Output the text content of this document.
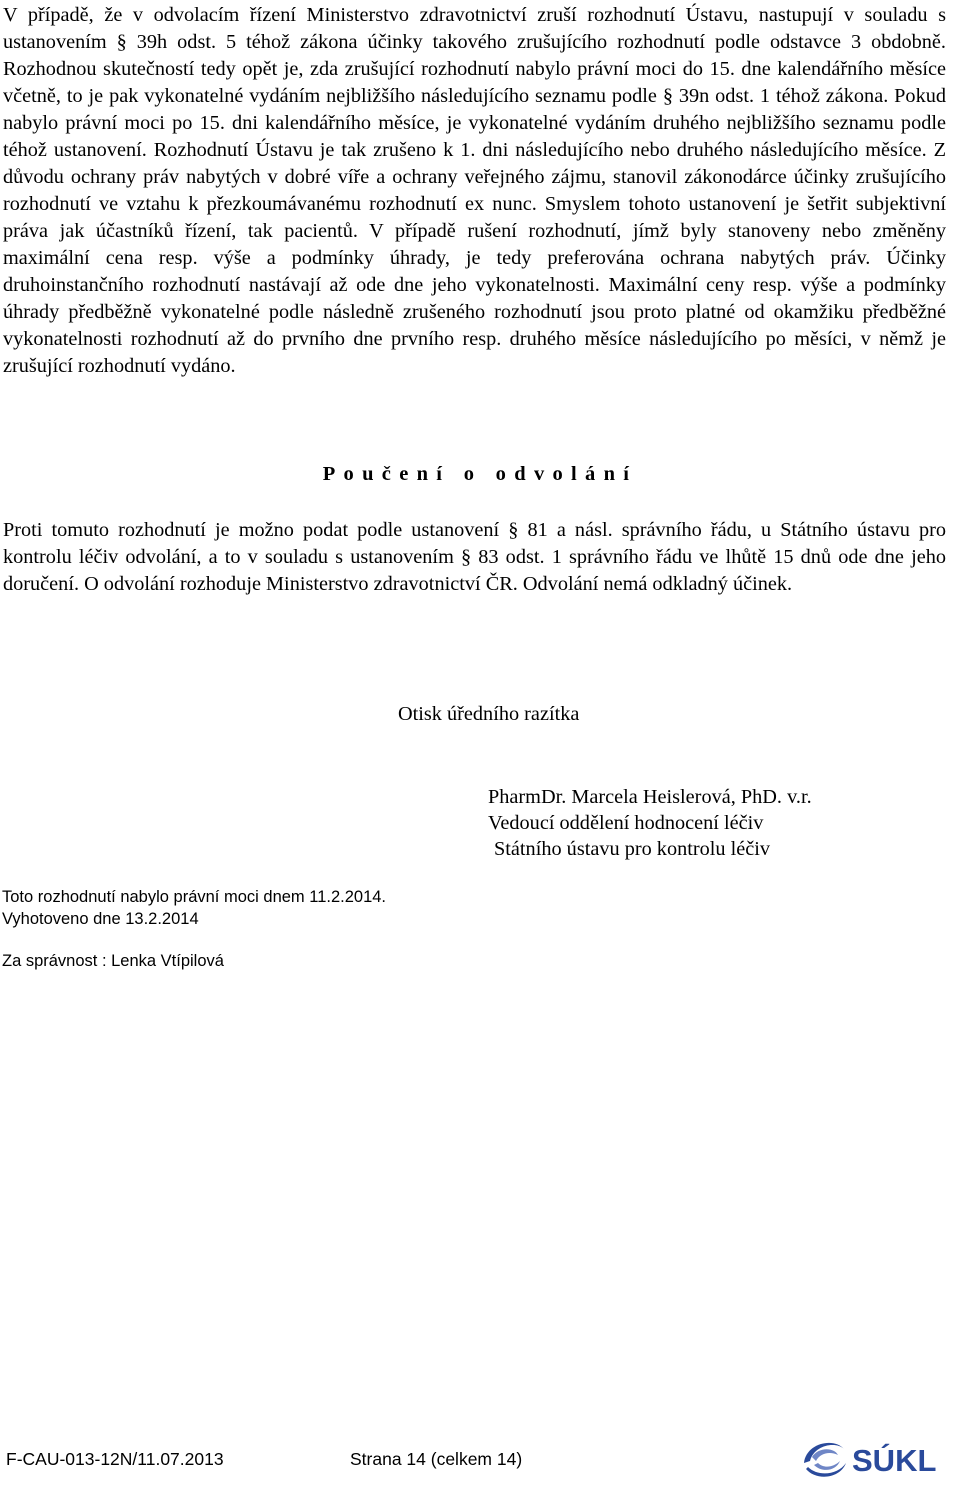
V případě, že v odvolacím řízení Ministerstvo zdravotnictví zruší rozhodnutí Ústavu, nastupují v souladu s ustanovením § 39h odst. 5 téhož zákona účinky takového zrušujícího rozhodnutí podle odstavce 3 obdobně. Rozhodnou skutečností tedy opět je, zda zrušující rozhodnutí nabylo právní moci do 15. dne kalendářního měsíce včetně, to je pak vykonatelné vydáním nejbližšího následujícího seznamu podle § 39n odst. 1 téhož zákona. Pokud nabylo právní moci po 15. dni kalendářního měsíce, je vykonatelné vydáním druhého nejbližšího seznamu podle téhož ustanovení. Rozhodnutí Ústavu je tak zrušeno k 1. dni následujícího nebo druhého následujícího měsíce. Z důvodu ochrany práv nabytých v dobré víře a ochrany veřejného zájmu, stanovil zákonodárce účinky zrušujícího rozhodnutí ve vztahu k přezkoumávanému rozhodnutí ex nunc. Smyslem tohoto ustanovení je šetřit subjektivní práva jak účastníků řízení, tak pacientů. V případě rušení rozhodnutí, jímž byly stanoveny nebo změněny maximální cena resp. výše a podmínky úhrady, je tedy preferována ochrana nabytých práv. Účinky druhoinstančního rozhodnutí nastávají až ode dne jeho vykonatelnosti. Maximální ceny resp. výše a podmínky úhrady předběžně vykonatelné podle následně zrušeného rozhodnutí jsou proto platné od okamžiku předběžné vykonatelnosti rozhodnutí až do prvního dne prvního resp. druhého měsíce následujícího po měsíci, v němž je zrušující rozhodnutí vydáno.

Poučení o odvolání

Proti tomuto rozhodnutí je možno podat podle ustanovení § 81 a násl. správního řádu, u Státního ústavu pro kontrolu léčiv odvolání, a to v souladu s ustanovením § 83 odst. 1 správního řádu ve lhůtě 15 dnů ode dne jeho doručení. O odvolání rozhoduje Ministerstvo zdravotnictví ČR. Odvolání nemá odkladný účinek.

Otisk úředního razítka
PharmDr. Marcela Heislerová, PhD. v.r.
Vedoucí oddělení hodnocení léčiv
Státního ústavu pro kontrolu léčiv
Toto rozhodnutí nabylo právní moci dnem 11.2.2014.
Vyhotoveno dne 13.2.2014
Za správnost : Lenka Vtípilová
F-CAU-013-12N/11.07.2013	Strana 14 (celkem 14)	SÚKL
